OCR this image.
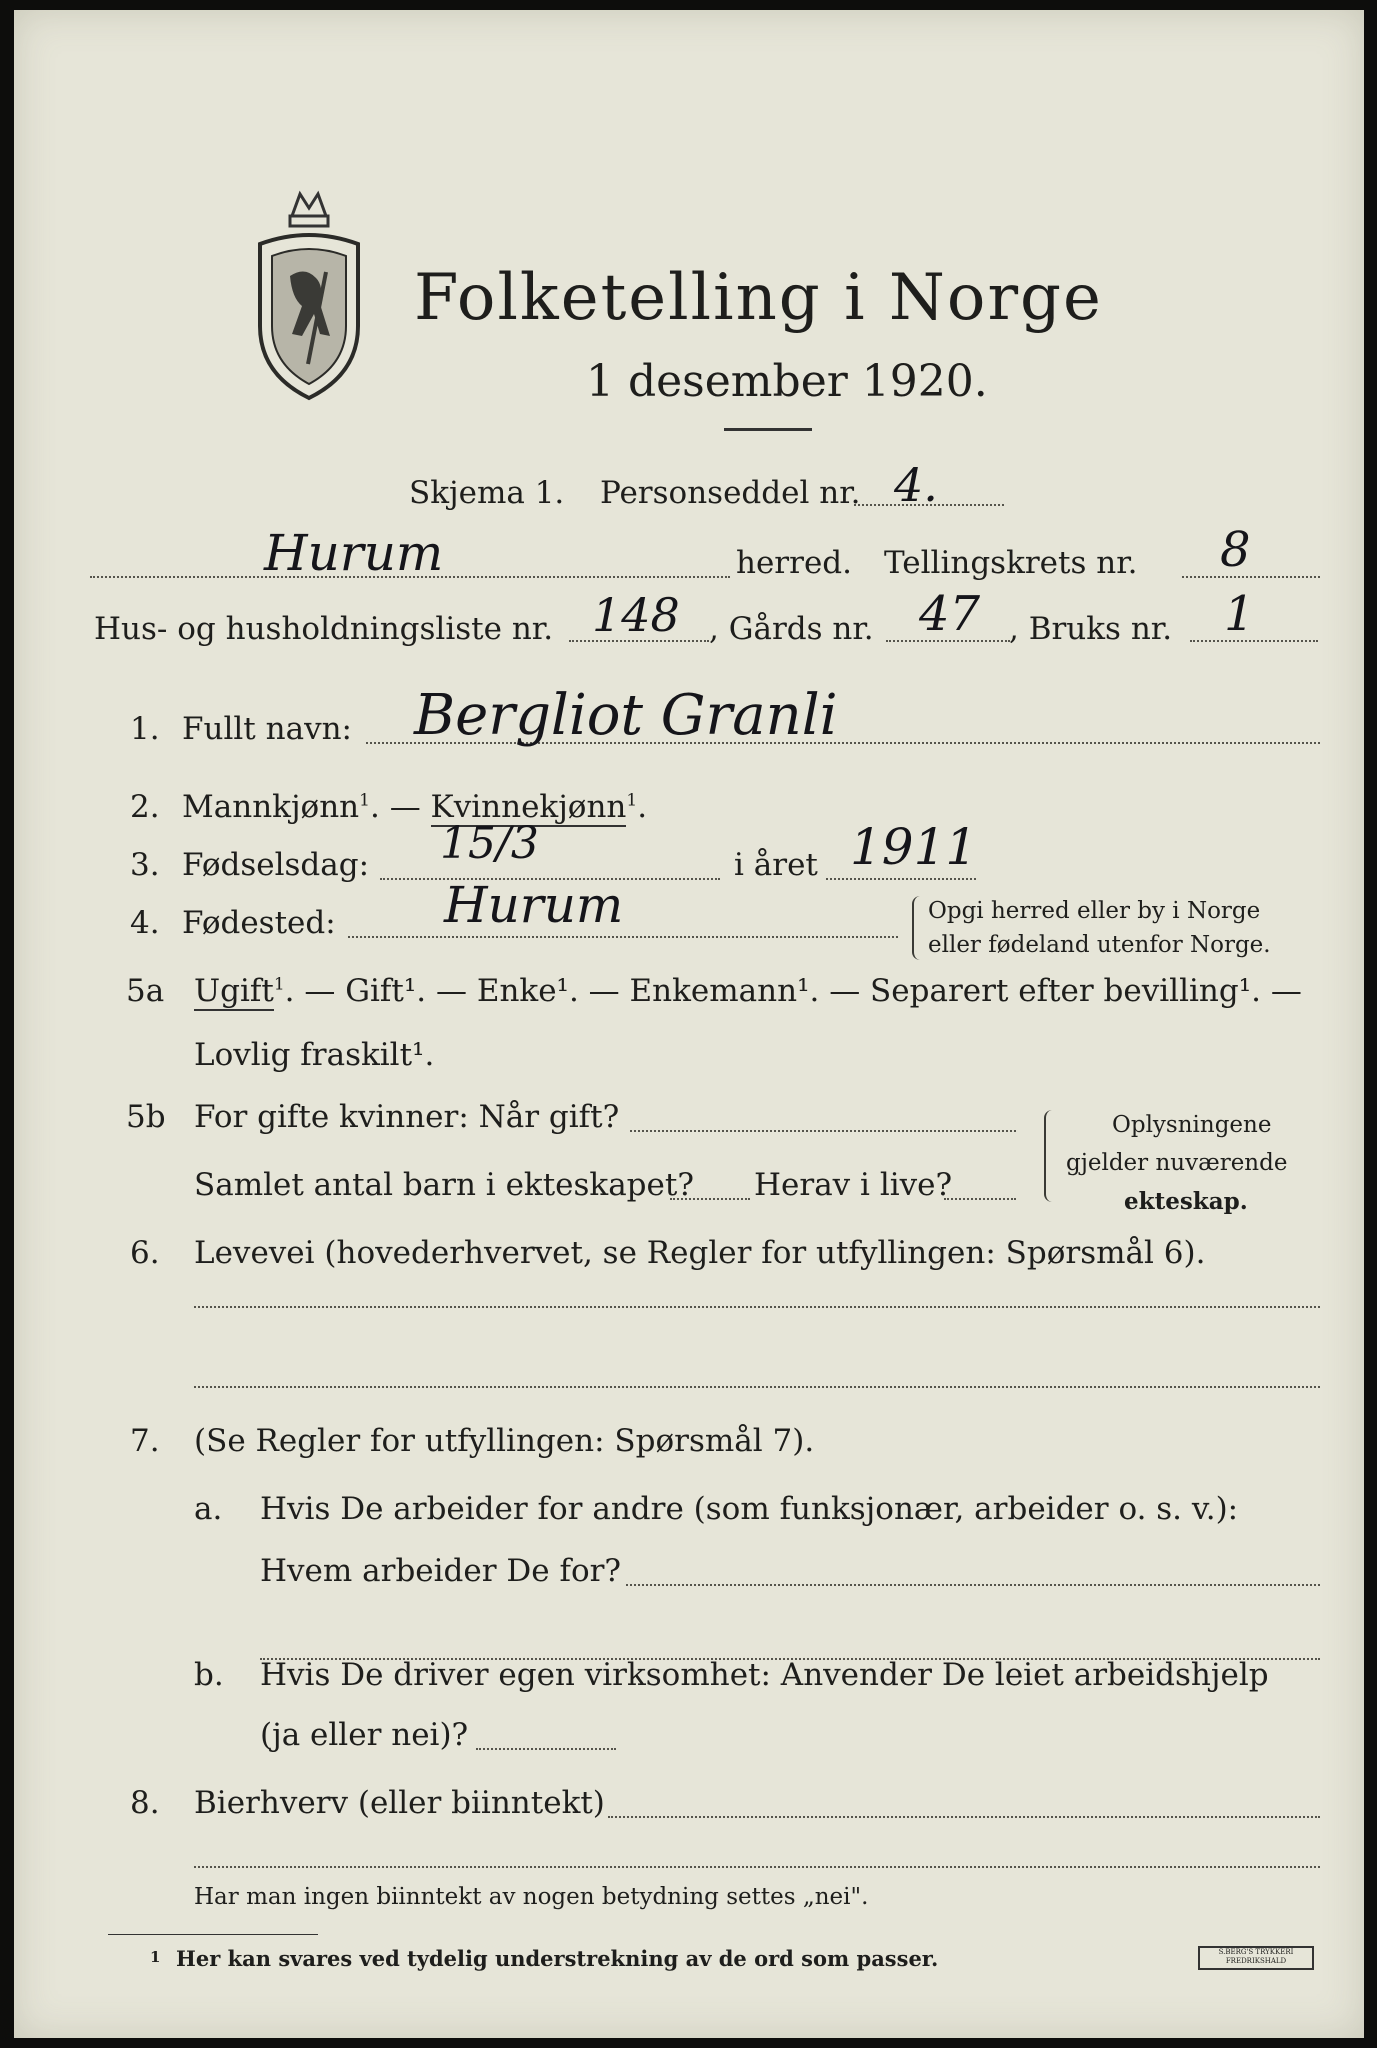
Folketelling i Norge
1 desember 1920.
Skjema 1. Personseddel nr. 4.
Hurum	herred. Tellingskrets nr. 8
Hus- og husholdningsliste nr. 148 , Gårds nr. 47 , Bruks nr. 1
1. Fullt navn: Bergliot Granli
2. Mannkjønn$^1$. — Kvinnekjønn$^1$.
3. Fødselsdag: 15/3	i året 1911
4. Fødested: Hurum	Opgi herred eller by i Norge
eller fødeland utenfor Norge.
5a Ugift$^1$. — Gift¹. — Enke¹. — Enkemann¹. — Separert efter bevilling¹. —
Lovlig fraskilt¹.
5b For gifte kvinner: Når gift?
Samlet antal barn i ekteskapet? Herav i live?
Oplysningene
gjelder nuværende
ekteskap.
6. Levevei (hovederhvervet, se Regler for utfyllingen: Spørsmål 6).
7. (Se Regler for utfyllingen: Spørsmål 7).
a. Hvis De arbeider for andre (som funksjonær, arbeider o. s. v.):
Hvem arbeider De for?
b. Hvis De driver egen virksomhet: Anvender De leiet arbeidshjelp
(ja eller nei)?
8. Bierhverv (eller biinntekt)
Har man ingen biinntekt av nogen betydning settes „nei".
1 Her kan svares ved tydelig understrekning av de ord som passer.	S.BERG'S TRYKKERI FREDRIKSHALD
